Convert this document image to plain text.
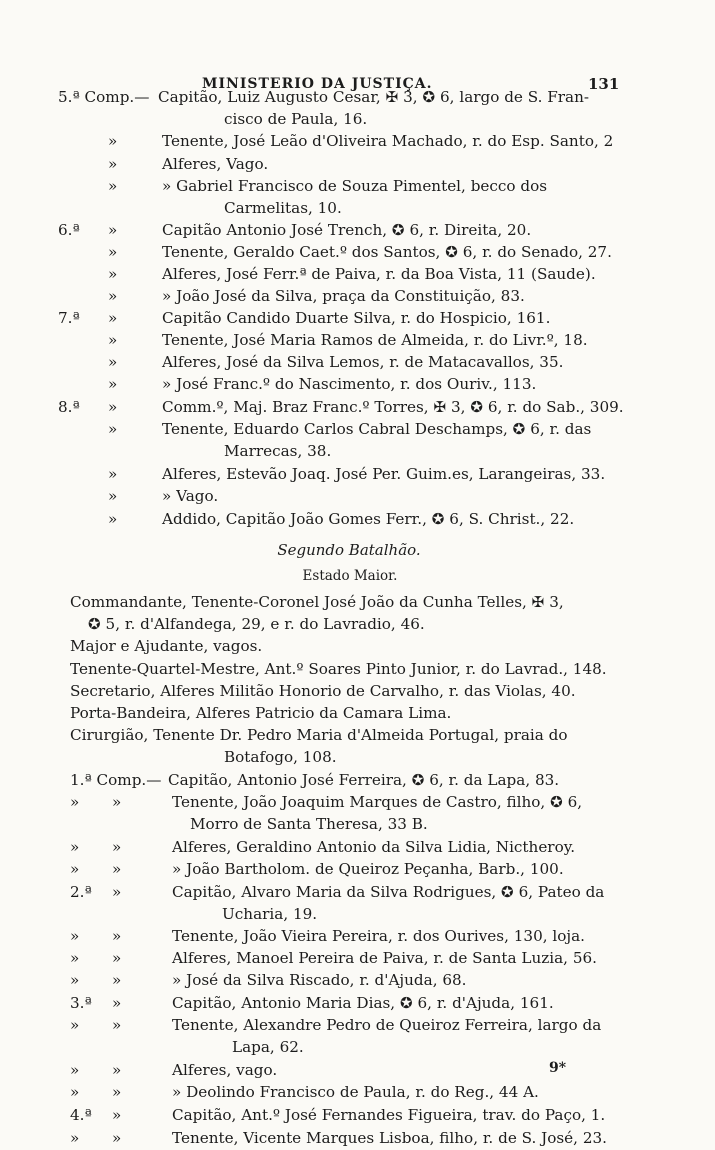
MINISTERIO DA JUSTIÇA.	131
5.ª Comp.— Capitão, Luiz Augusto Cesar, ✠ 3, ✪ 6, largo de S. Fran-
cisco de Paula, 16.
»	Tenente, José Leão d'Oliveira Machado, r. do Esp. Santo, 2
»	Alferes, Vago.
»	» Gabriel Francisco de Souza Pimentel, becco dos
Carmelitas, 10.
6.ª »	Capitão Antonio José Trench, ✪ 6, r. Direita, 20.
»	Tenente, Geraldo Caet.º dos Santos, ✪ 6, r. do Senado, 27.
»	Alferes, José Ferr.ª de Paiva, r. da Boa Vista, 11 (Saude).
»	» João José da Silva, praça da Constituição, 83.
7.ª »	Capitão Candido Duarte Silva, r. do Hospicio, 161.
»	Tenente, José Maria Ramos de Almeida, r. do Livr.º, 18.
»	Alferes, José da Silva Lemos, r. de Matacavallos, 35.
»	» José Franc.º do Nascimento, r. dos Ouriv., 113.
8.ª »	Comm.º, Maj. Braz Franc.º Torres, ✠ 3, ✪ 6, r. do Sab., 309.
»	Tenente, Eduardo Carlos Cabral Deschamps, ✪ 6, r. das
Marrecas, 38.
»	Alferes, Estevão Joaq. José Per. Guim.es, Larangeiras, 33.
»	» Vago.
»	Addido, Capitão João Gomes Ferr., ✪ 6, S. Christ., 22.
Segundo Batalhão.
Estado Maior.
Commandante, Tenente-Coronel José João da Cunha Telles, ✠ 3,
✪ 5, r. d'Alfandega, 29, e r. do Lavradio, 46.
Major e Ajudante, vagos.
Tenente-Quartel-Mestre, Ant.º Soares Pinto Junior, r. do Lavrad., 148.
Secretario, Alferes Militão Honorio de Carvalho, r. das Violas, 40.
Porta-Bandeira, Alferes Patricio da Camara Lima.
Cirurgião, Tenente Dr. Pedro Maria d'Almeida Portugal, praia do
Botafogo, 108.
1.ª Comp.— Capitão, Antonio José Ferreira, ✪ 6, r. da Lapa, 83.
» »	Tenente, João Joaquim Marques de Castro, filho, ✪ 6,
Morro de Santa Theresa, 33 B.
» »	Alferes, Geraldino Antonio da Silva Lidia, Nictheroy.
» »	» João Bartholom. de Queiroz Peçanha, Barb., 100.
2.ª »	Capitão, Alvaro Maria da Silva Rodrigues, ✪ 6, Pateo da
Ucharia, 19.
» »	Tenente, João Vieira Pereira, r. dos Ourives, 130, loja.
» »	Alferes, Manoel Pereira de Paiva, r. de Santa Luzia, 56.
» »	» José da Silva Riscado, r. d'Ajuda, 68.
3.ª »	Capitão, Antonio Maria Dias, ✪ 6, r. d'Ajuda, 161.
» »	Tenente, Alexandre Pedro de Queiroz Ferreira, largo da
Lapa, 62.
» »	Alferes, vago.
» »	» Deolindo Francisco de Paula, r. do Reg., 44 A.
4.ª »	Capitão, Ant.º José Fernandes Figueira, trav. do Paço, 1.
» »	Tenente, Vicente Marques Lisboa, filho, r. de S. José, 23.
9*
